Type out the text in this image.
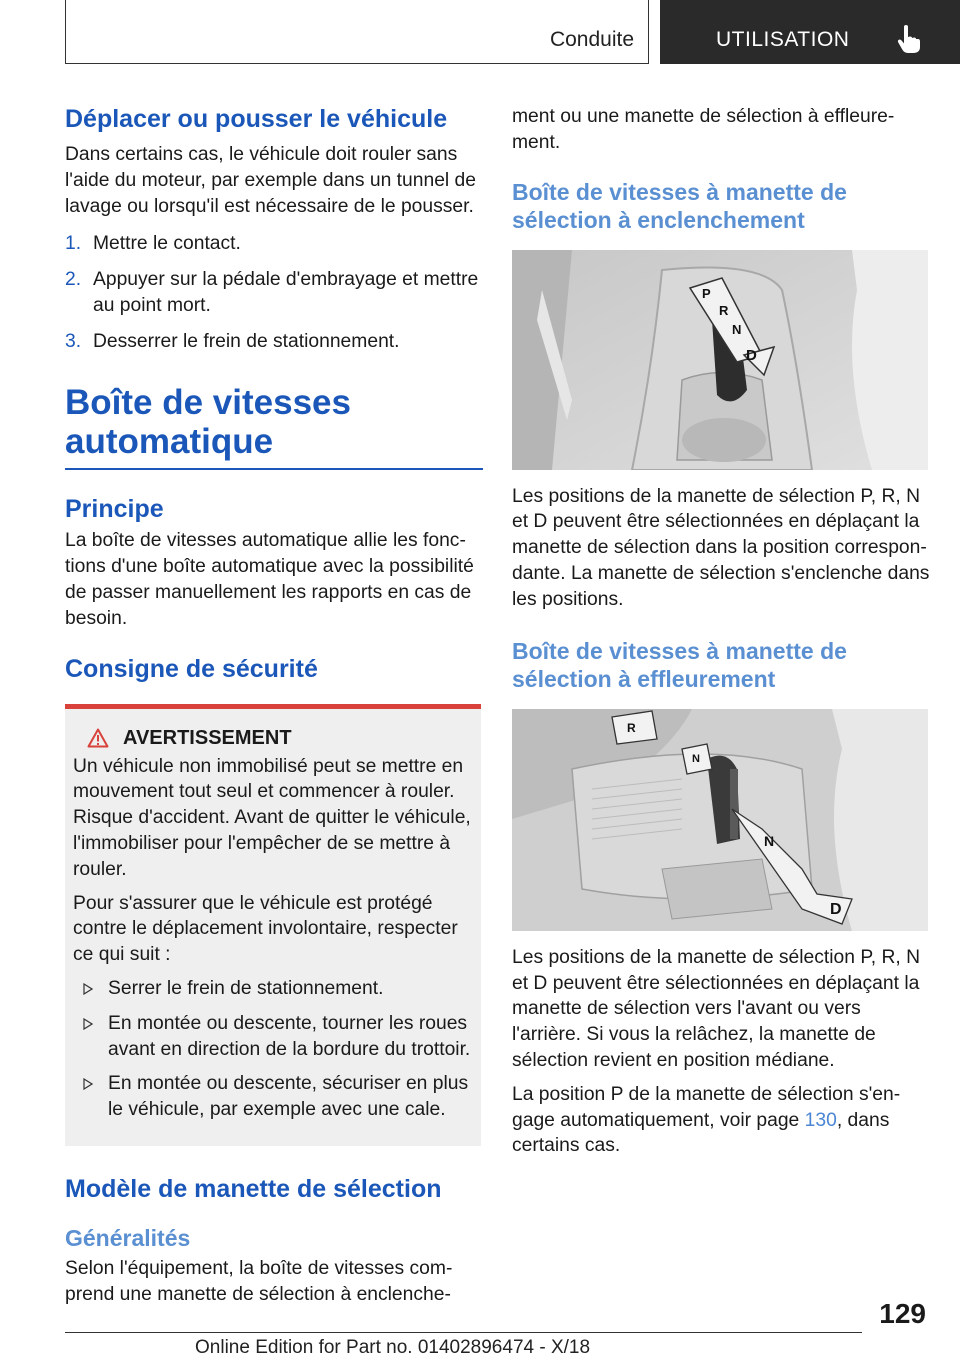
Conduite	UTILISATION
Déplacer ou pousser le véhicule
Dans certains cas, le véhicule doit rouler sans l'aide du moteur, par exemple dans un tunnel de lavage ou lorsqu'il est nécessaire de le pousser.
1. Mettre le contact.
2. Appuyer sur la pédale d'embrayage et mettre au point mort.
3. Desserrer le frein de stationnement.
Boîte de vitesses
automatique
Principe
La boîte de vitesses automatique allie les fonctions d'une boîte automatique avec la possibilité de passer manuellement les rapports en cas de besoin.
Consigne de sécurité
AVERTISSEMENT
Un véhicule non immobilisé peut se mettre en mouvement tout seul et commencer à rouler. Risque d'accident. Avant de quitter le véhicule, l'immobiliser pour l'empêcher de se mettre à rouler.
Pour s'assurer que le véhicule est protégé contre le déplacement involontaire, respecter ce qui suit :
Serrer le frein de stationnement.
En montée ou descente, tourner les roues avant en direction de la bordure du trottoir.
En montée ou descente, sécuriser en plus le véhicule, par exemple avec une cale.
Modèle de manette de sélection
Généralités
Selon l'équipement, la boîte de vitesses comprend une manette de sélection à enclenche-
ment ou une manette de sélection à effleurement.
Boîte de vitesses à manette de sélection à enclenchement
P
R
N
D
Les positions de la manette de sélection P, R, N et D peuvent être sélectionnées en déplaçant la manette de sélection dans la position correspondante. La manette de sélection s'enclenche dans les positions.
Boîte de vitesses à manette de sélection à effleurement
R
N
N
D
Les positions de la manette de sélection P, R, N et D peuvent être sélectionnées en déplaçant la manette de sélection vers l'avant ou vers l'arrière. Si vous la relâchez, la manette de sélection revient en position médiane.
La position P de la manette de sélection s'engage automatiquement, voir page 130, dans certains cas.
129
Online Edition for Part no. 01402896474 - X/18
